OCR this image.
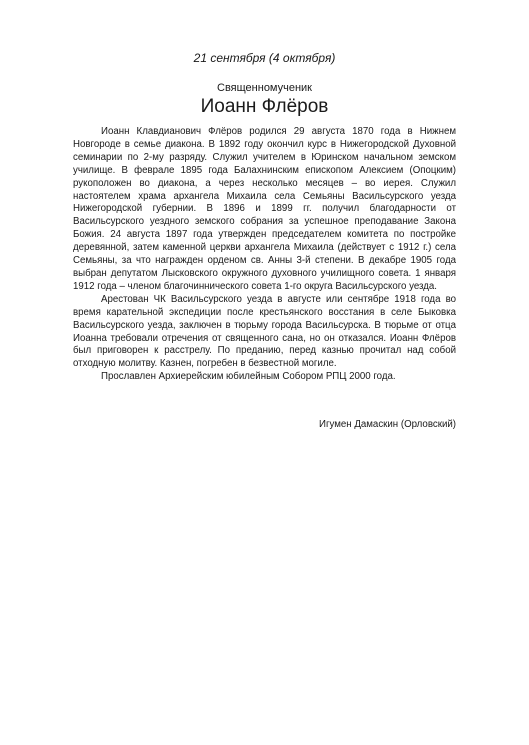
21 сентября (4 октября)
Священномученик
Иоанн Флёров

Иоанн Клавдианович Флёров родился 29 августа 1870 года в Нижнем Новгороде в семье диакона. В 1892 году окончил курс в Нижегородской Духовной семинарии по 2-му разряду. Служил учителем в Юринском начальном земском училище. В феврале 1895 года Балахнинским епископом Алексием (Опоцким) рукоположен во диакона, а через несколько месяцев – во иерея. Служил настоятелем храма архангела Михаила села Семьяны Васильсурского уезда Нижегородской губернии. В 1896 и 1899 гг. получил благодарности от Васильсурского уездного земского собрания за успешное преподавание Закона Божия. 24 августа 1897 года утвержден председателем комитета по постройке деревянной, затем каменной церкви архангела Михаила (действует с 1912 г.) села Семьяны, за что награжден орденом св. Анны 3-й степени. В декабре 1905 года выбран депутатом Лысковского окружного духовного училищного совета. 1 января 1912 года – членом благочиннического совета 1-го округа Васильсурского уезда.

Арестован ЧК Васильсурского уезда в августе или сентябре 1918 года во время карательной экспедиции после крестьянского восстания в селе Быковка Васильсурского уезда, заключен в тюрьму города Васильсурска. В тюрьме от отца Иоанна требовали отречения от священного сана, но он отказался. Иоанн Флёров был приговорен к расстрелу. По преданию, перед казнью прочитал над собой отходную молитву. Казнен, погребен в безвестной могиле.

Прославлен Архиерейским юбилейным Собором РПЦ 2000 года.

Игумен Дамаскин (Орловский)
